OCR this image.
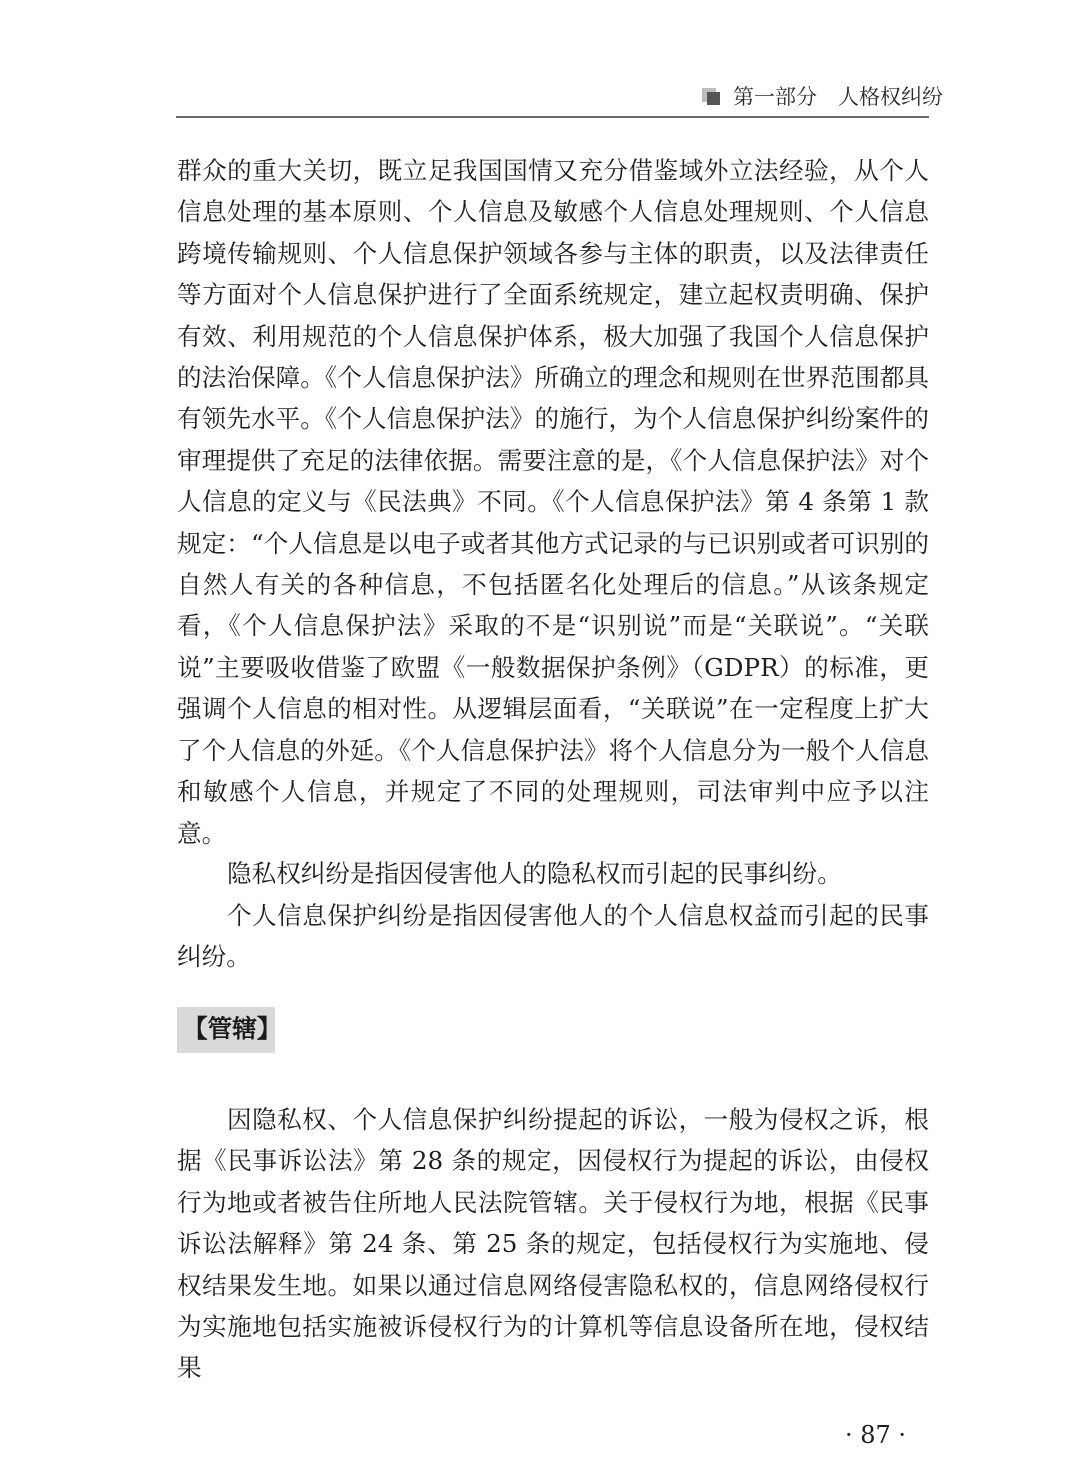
第一部分　人格权纠纷

群众的重大关切，既立足我国国情又充分借鉴域外立法经验，从个人信息处理的基本原则、个人信息及敏感个人信息处理规则、个人信息跨境传输规则、个人信息保护领域各参与主体的职责，以及法律责任等方面对个人信息保护进行了全面系统规定，建立起权责明确、保护有效、利用规范的个人信息保护体系，极大加强了我国个人信息保护的法治保障。《个人信息保护法》所确立的理念和规则在世界范围都具有领先水平。《个人信息保护法》的施行，为个人信息保护纠纷案件的审理提供了充足的法律依据。需要注意的是，《个人信息保护法》对个人信息的定义与《民法典》不同。《个人信息保护法》第 4 条第 1 款规定：“个人信息是以电子或者其他方式记录的与已识别或者可识别的自然人有关的各种信息，不包括匿名化处理后的信息。”从该条规定看，《个人信息保护法》采取的不是“识别说”而是“关联说”。“关联说”主要吸收借鉴了欧盟《一般数据保护条例》（GDPR）的标准，更强调个人信息的相对性。从逻辑层面看，“关联说”在一定程度上扩大了个人信息的外延。《个人信息保护法》将个人信息分为一般个人信息和敏感个人信息，并规定了不同的处理规则，司法审判中应予以注意。

隐私权纠纷是指因侵害他人的隐私权而引起的民事纠纷。

个人信息保护纠纷是指因侵害他人的个人信息权益而引起的民事纠纷。

【管辖】

因隐私权、个人信息保护纠纷提起的诉讼，一般为侵权之诉，根据《民事诉讼法》第 28 条的规定，因侵权行为提起的诉讼，由侵权行为地或者被告住所地人民法院管辖。关于侵权行为地，根据《民事诉讼法解释》第 24 条、第 25 条的规定，包括侵权行为实施地、侵权结果发生地。如果以通过信息网络侵害隐私权的，信息网络侵权行为实施地包括实施被诉侵权行为的计算机等信息设备所在地，侵权结果

· 87 ·
